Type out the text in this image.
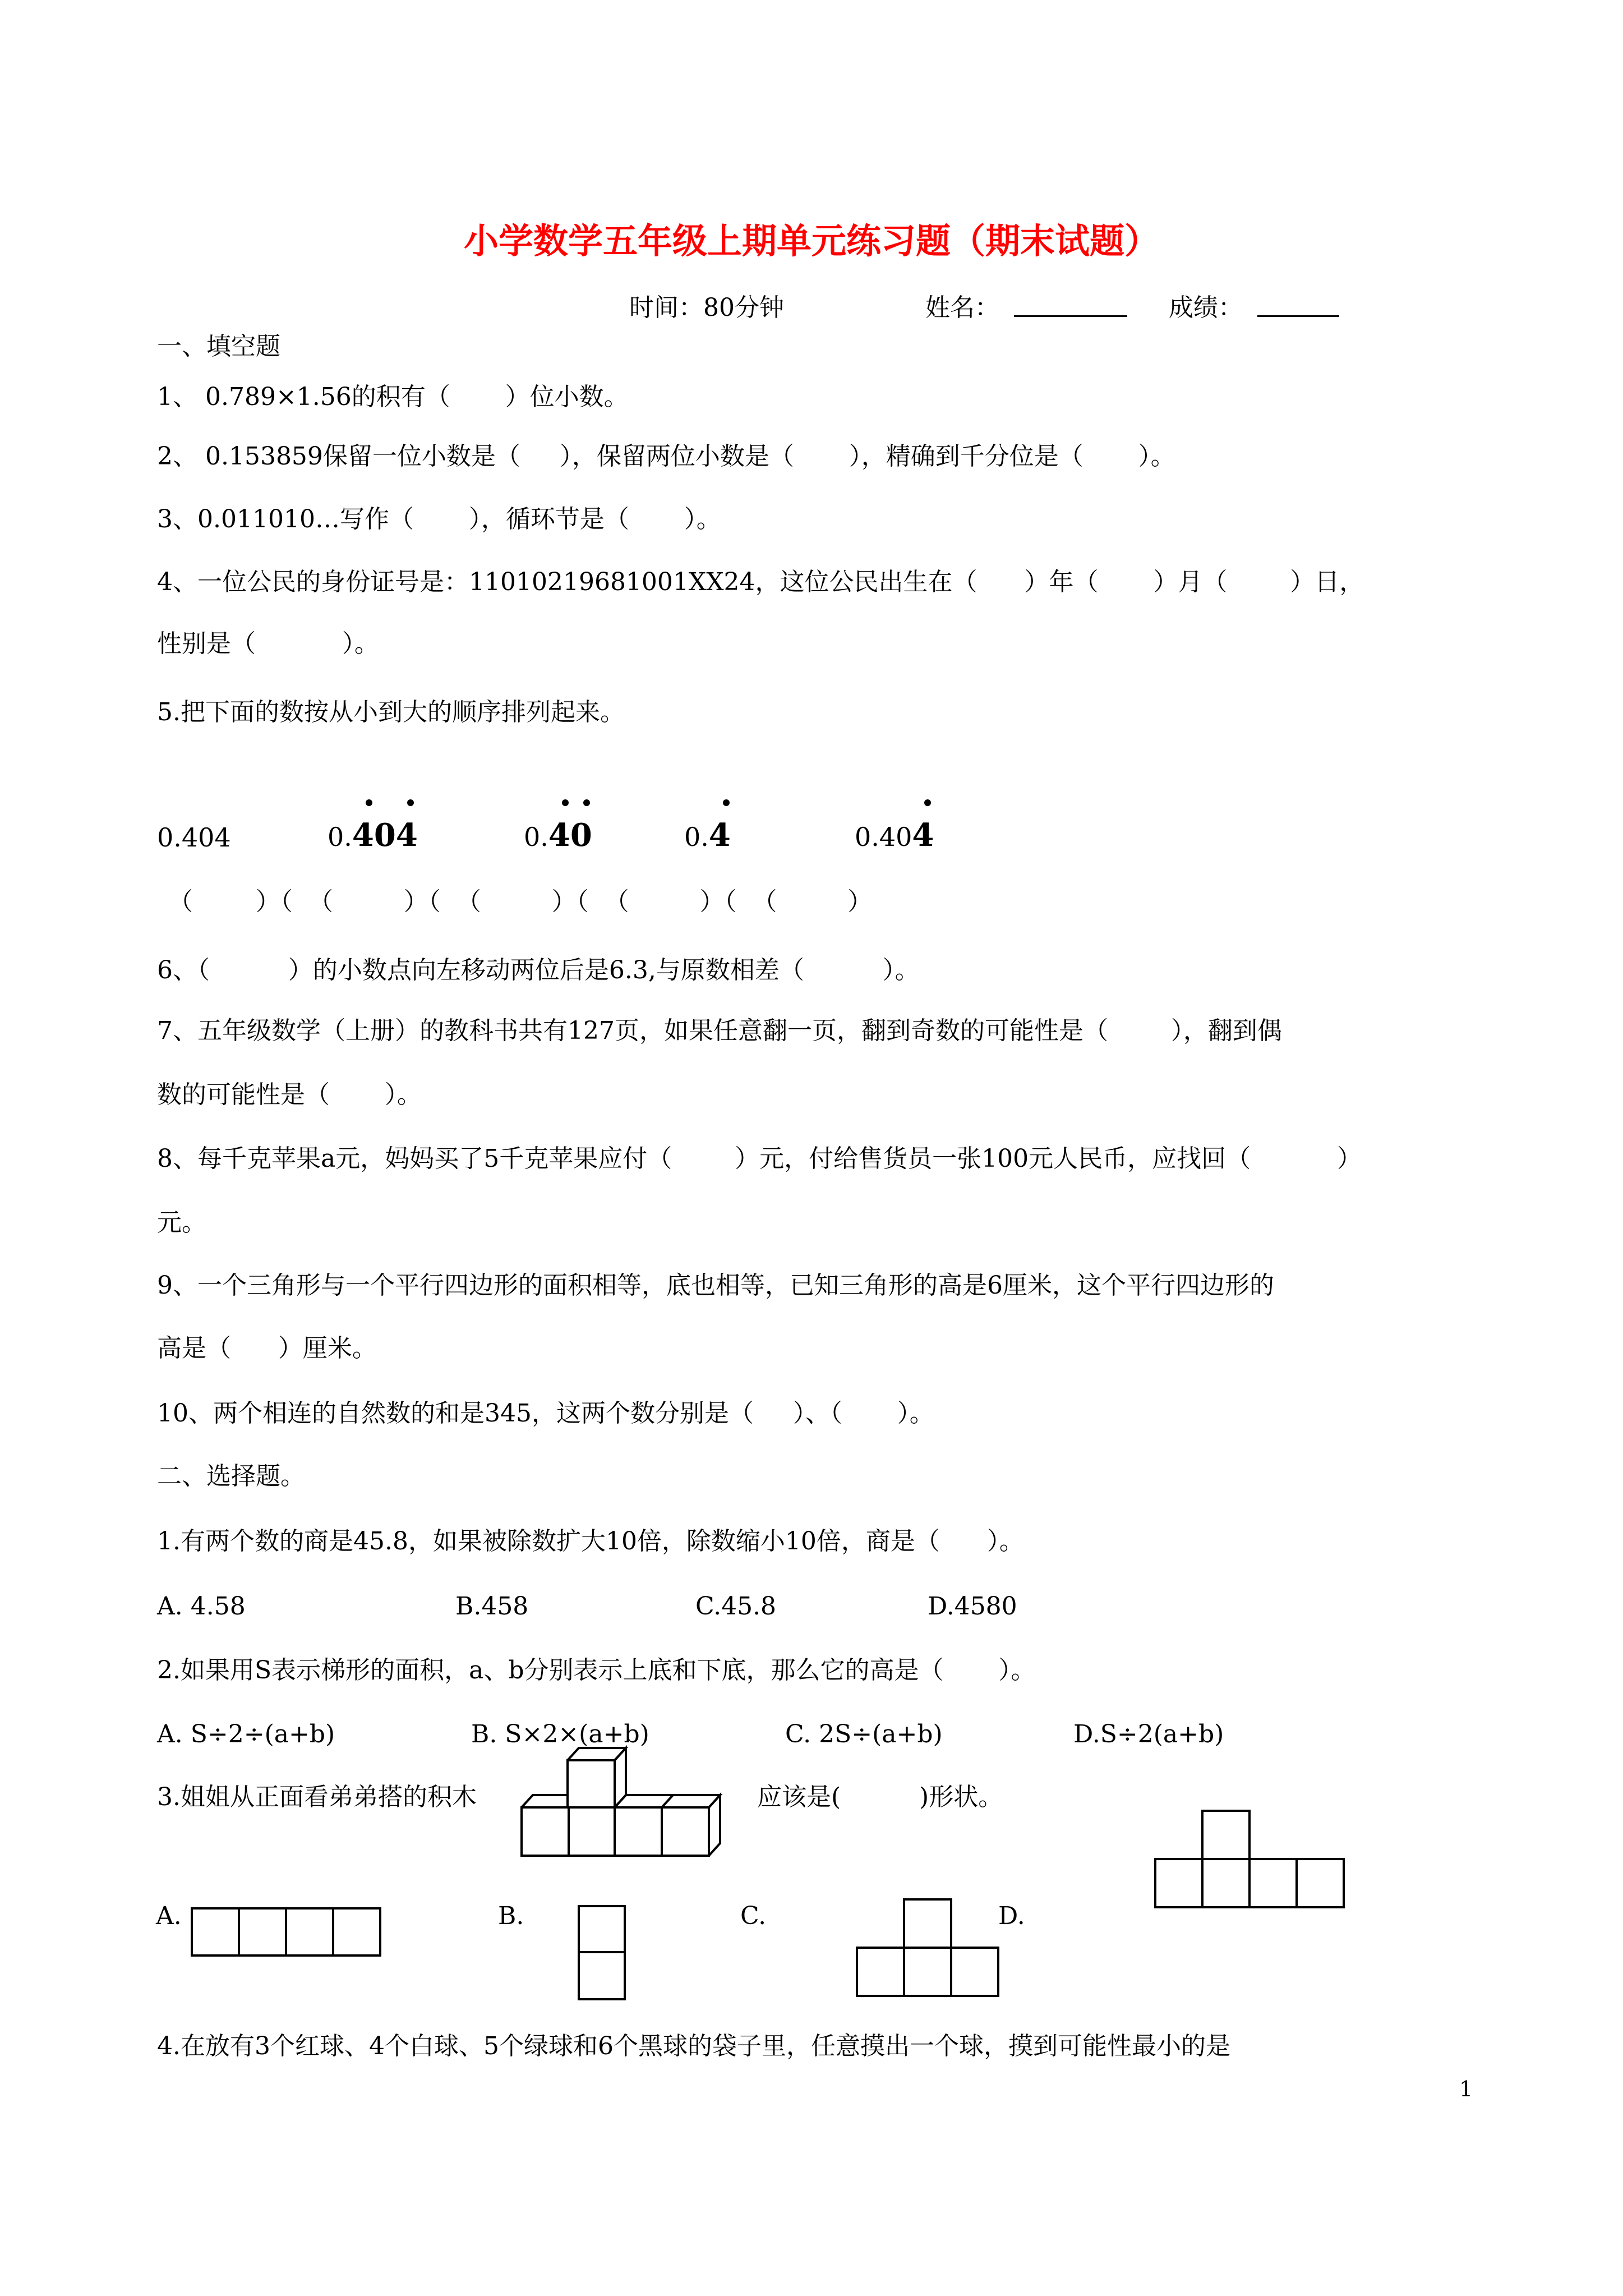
小学数学五年级上期单元练习题（期末试题）
时间：80分钟	姓名：	成绩：
一、填空题
1、 0.789×1.56的积有（       ）位小数。
2、 0.153859保留一位小数是（     ），保留两位小数是（       ），精确到千分位是（       ）。
3、0.011010…写作（       ），循环节是（       ）。
4、一位公民的身份证号是：11010219681001XX24，这位公民出生在（      ）年（       ）月（        ）日，
性别是（           ）。
5.把下面的数按从小到大的顺序排列起来。
0.404	0.404	0.40	0.4	0.404
（        ）（  （         ）（  （         ）（  （         ）（  （         ）
6、（          ）的小数点向左移动两位后是6.3,与原数相差（          ）。
7、五年级数学（上册）的教科书共有127页，如果任意翻一页，翻到奇数的可能性是（        ），翻到偶
数的可能性是（       ）。
8、每千克苹果a元，妈妈买了5千克苹果应付（        ）元，付给售货员一张100元人民币，应找回（           ）
元。
9、一个三角形与一个平行四边形的面积相等，底也相等，已知三角形的高是6厘米，这个平行四边形的
高是（      ）厘米。
10、两个相连的自然数的和是345，这两个数分别是（     ）、（       ）。
二、选择题。
1.有两个数的商是45.8，如果被除数扩大10倍，除数缩小10倍，商是（      ）。
A. 4.58	B.458	C.45.8	D.4580
2.如果用S表示梯形的面积，a、b分别表示上底和下底，那么它的高是（       ）。
A. S÷2÷(a+b)	B. S×2×(a+b)	C. 2S÷(a+b)	D.S÷2(a+b)
3.姐姐从正面看弟弟搭的积木	应该是(          )形状。
A.	B.	C.	D.
4.在放有3个红球、4个白球、5个绿球和6个黑球的袋子里，任意摸出一个球，摸到可能性最小的是
1
